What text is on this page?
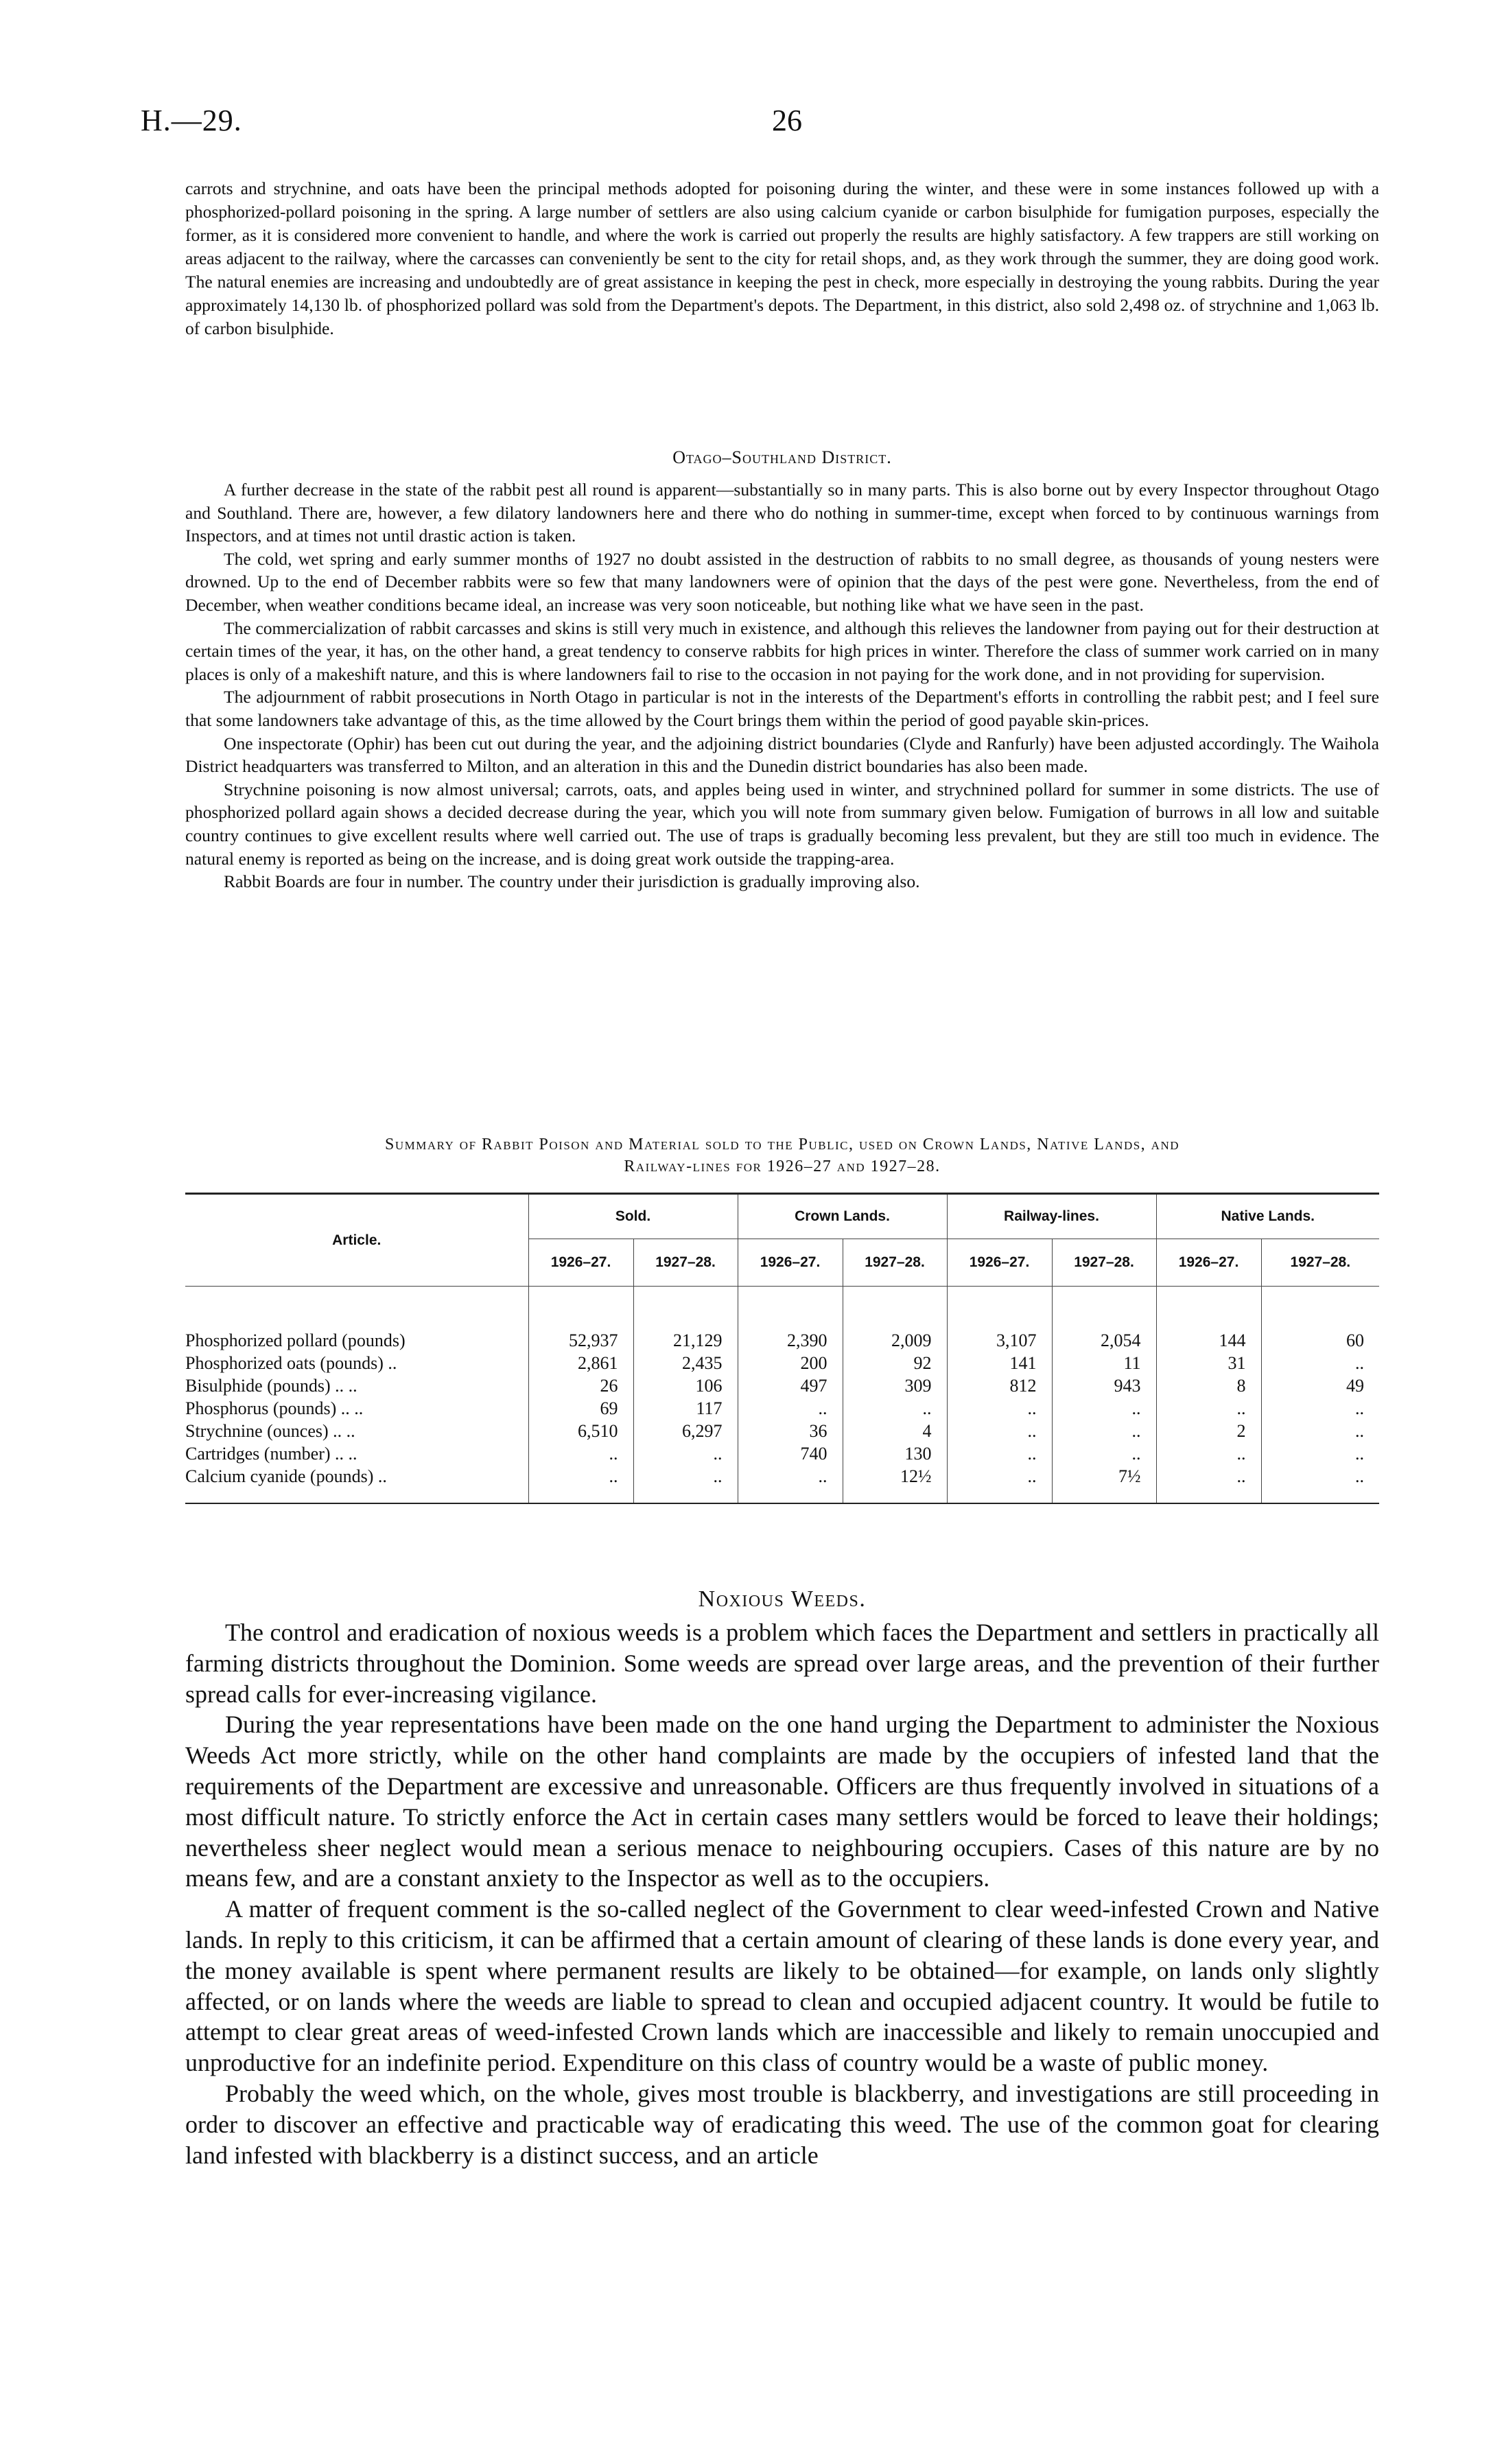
H.—29.	26

carrots and strychnine, and oats have been the principal methods adopted for poisoning during the winter, and these were in some instances followed up with a phosphorized-pollard poisoning in the spring. A large number of settlers are also using calcium cyanide or carbon bisulphide for fumigation purposes, especially the former, as it is considered more convenient to handle, and where the work is carried out properly the results are highly satisfactory. A few trappers are still working on areas adjacent to the railway, where the carcasses can conveniently be sent to the city for retail shops, and, as they work through the summer, they are doing good work. The natural enemies are increasing and undoubtedly are of great assistance in keeping the pest in check, more especially in destroying the young rabbits. During the year approximately 14,130 lb. of phosphorized pollard was sold from the Department's depots. The Department, in this district, also sold 2,498 oz. of strychnine and 1,063 lb. of carbon bisulphide.

Otago–Southland District.

A further decrease in the state of the rabbit pest all round is apparent—substantially so in many parts. This is also borne out by every Inspector throughout Otago and Southland. There are, however, a few dilatory landowners here and there who do nothing in summer-time, except when forced to by continuous warnings from Inspectors, and at times not until drastic action is taken.

The cold, wet spring and early summer months of 1927 no doubt assisted in the destruction of rabbits to no small degree, as thousands of young nesters were drowned. Up to the end of December rabbits were so few that many landowners were of opinion that the days of the pest were gone. Nevertheless, from the end of December, when weather conditions became ideal, an increase was very soon noticeable, but nothing like what we have seen in the past.

The commercialization of rabbit carcasses and skins is still very much in existence, and although this relieves the landowner from paying out for their destruction at certain times of the year, it has, on the other hand, a great tendency to conserve rabbits for high prices in winter. Therefore the class of summer work carried on in many places is only of a makeshift nature, and this is where landowners fail to rise to the occasion in not paying for the work done, and in not providing for supervision.

The adjournment of rabbit prosecutions in North Otago in particular is not in the interests of the Department's efforts in controlling the rabbit pest; and I feel sure that some landowners take advantage of this, as the time allowed by the Court brings them within the period of good payable skin-prices.

One inspectorate (Ophir) has been cut out during the year, and the adjoining district boundaries (Clyde and Ranfurly) have been adjusted accordingly. The Waihola District headquarters was transferred to Milton, and an alteration in this and the Dunedin district boundaries has also been made.

Strychnine poisoning is now almost universal; carrots, oats, and apples being used in winter, and strychnined pollard for summer in some districts. The use of phosphorized pollard again shows a decided decrease during the year, which you will note from summary given below. Fumigation of burrows in all low and suitable country continues to give excellent results where well carried out. The use of traps is gradually becoming less prevalent, but they are still too much in evidence. The natural enemy is reported as being on the increase, and is doing great work outside the trapping-area.

Rabbit Boards are four in number. The country under their jurisdiction is gradually improving also.

Summary of Rabbit Poison and Material sold to the Public, used on Crown Lands, Native Lands, and
Railway-lines for 1926–27 and 1927–28.
Article.	Sold.		Crown Lands.		Railway-lines.		Native Lands.	
	1926–27.	1927–28.	1926–27.	1927–28.	1926–27.	1927–28.	1926–27.	1927–28.
Phosphorized pollard (pounds)	52,937	21,129	2,390	2,009	3,107	2,054	144	60
Phosphorized oats (pounds) ..	2,861	2,435	200	92	141	11	31	..
Bisulphide (pounds) .. ..	26	106	497	309	812	943	8	49
Phosphorus (pounds) .. ..	69	117	..	..	..	..	..	..
Strychnine (ounces) .. ..	6,510	6,297	36	4	..	..	2	..
Cartridges (number) .. ..	..	..	740	130	..	..	..	..
Calcium cyanide (pounds) ..	..	..	..	12½	..	7½	..	..
Noxious Weeds.

The control and eradication of noxious weeds is a problem which faces the Department and settlers in practically all farming districts throughout the Dominion. Some weeds are spread over large areas, and the prevention of their further spread calls for ever-increasing vigilance.

During the year representations have been made on the one hand urging the Department to administer the Noxious Weeds Act more strictly, while on the other hand complaints are made by the occupiers of infested land that the requirements of the Department are excessive and unreasonable. Officers are thus frequently involved in situations of a most difficult nature. To strictly enforce the Act in certain cases many settlers would be forced to leave their holdings; nevertheless sheer neglect would mean a serious menace to neighbouring occupiers. Cases of this nature are by no means few, and are a constant anxiety to the Inspector as well as to the occupiers.

A matter of frequent comment is the so-called neglect of the Government to clear weed-infested Crown and Native lands. In reply to this criticism, it can be affirmed that a certain amount of clearing of these lands is done every year, and the money available is spent where permanent results are likely to be obtained—for example, on lands only slightly affected, or on lands where the weeds are liable to spread to clean and occupied adjacent country. It would be futile to attempt to clear great areas of weed-infested Crown lands which are inaccessible and likely to remain unoccupied and unproductive for an indefinite period. Expenditure on this class of country would be a waste of public money.

Probably the weed which, on the whole, gives most trouble is blackberry, and investigations are still proceeding in order to discover an effective and practicable way of eradicating this weed. The use of the common goat for clearing land infested with blackberry is a distinct success, and an article
